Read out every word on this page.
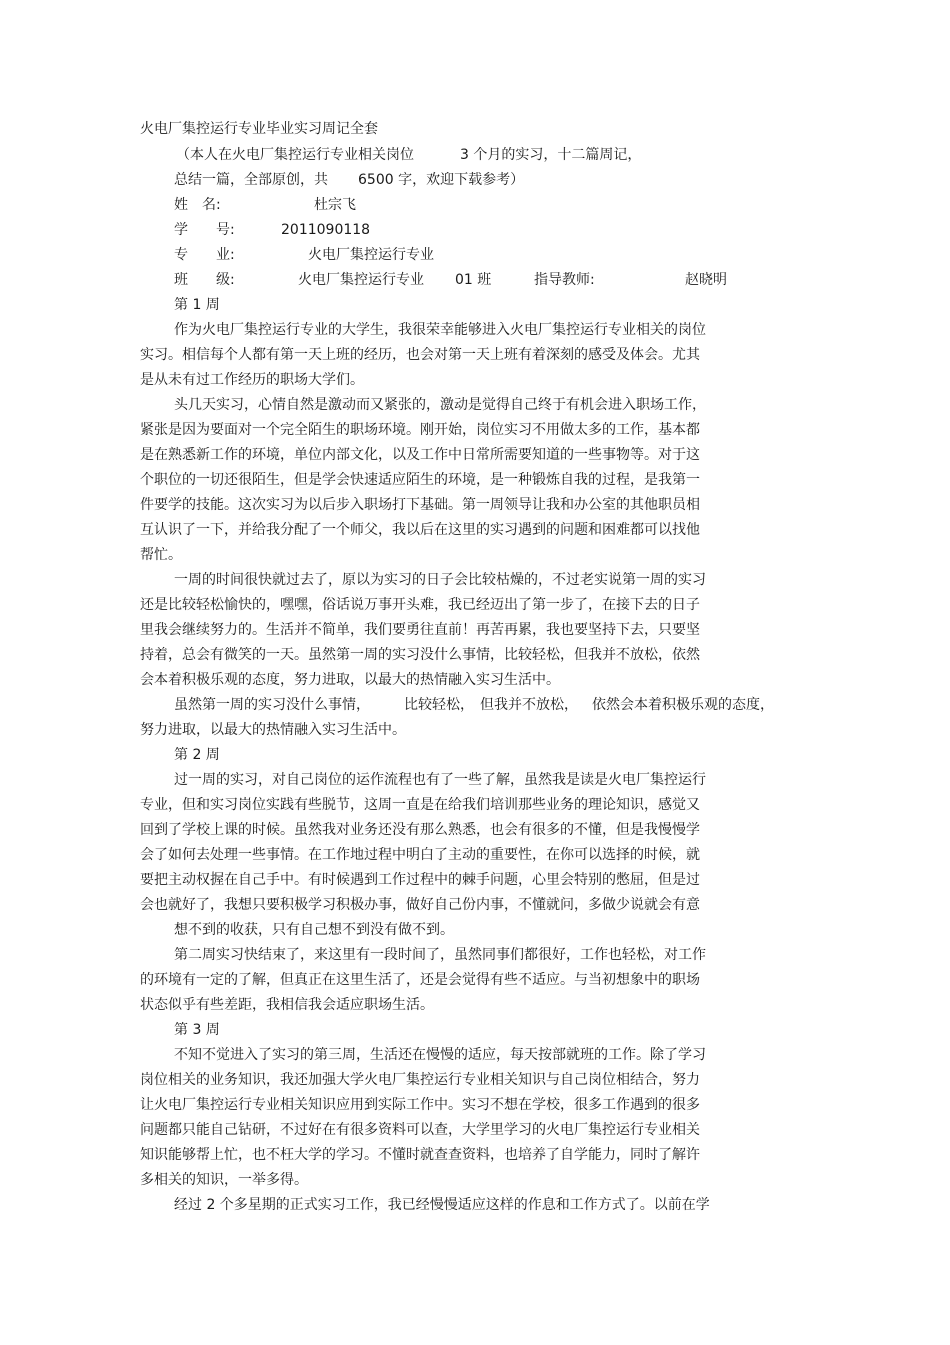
火电厂集控运行专业毕业实习周记全套
（本人在火电厂集控运行专业相关岗位	3 个月的实习，十二篇周记，
总结一篇，全部原创，共 6500 字，欢迎下载参考）
姓　名:	杜宗飞
学　　号:	2011090118
专　　业:	火电厂集控运行专业
班　　级:	火电厂集控运行专业 01 班	指导教师:	赵晓明
第 1 周
作为火电厂集控运行专业的大学生，我很荣幸能够进入火电厂集控运行专业相关的岗位
实习。相信每个人都有第一天上班的经历，也会对第一天上班有着深刻的感受及体会。尤其
是从未有过工作经历的职场大学们。
头几天实习，心情自然是激动而又紧张的，激动是觉得自己终于有机会进入职场工作，
紧张是因为要面对一个完全陌生的职场环境。刚开始，岗位实习不用做太多的工作，基本都
是在熟悉新工作的环境，单位内部文化，以及工作中日常所需要知道的一些事物等。对于这
个职位的一切还很陌生，但是学会快速适应陌生的环境，是一种锻炼自我的过程，是我第一
件要学的技能。这次实习为以后步入职场打下基础。第一周领导让我和办公室的其他职员相
互认识了一下，并给我分配了一个师父，我以后在这里的实习遇到的问题和困难都可以找他
帮忙。
一周的时间很快就过去了，原以为实习的日子会比较枯燥的，不过老实说第一周的实习
还是比较轻松愉快的，嘿嘿，俗话说万事开头难，我已经迈出了第一步了，在接下去的日子
里我会继续努力的。生活并不简单，我们要勇往直前！再苦再累，我也要坚持下去，只要坚
持着，总会有微笑的一天。虽然第一周的实习没什么事情，比较轻松，但我并不放松，依然
会本着积极乐观的态度，努力进取，以最大的热情融入实习生活中。
虽然第一周的实习没什么事情， 比较轻松， 但我并不放松， 依然会本着积极乐观的态度，
努力进取，以最大的热情融入实习生活中。
第 2 周
过一周的实习，对自己岗位的运作流程也有了一些了解，虽然我是读是火电厂集控运行
专业，但和实习岗位实践有些脱节，这周一直是在给我们培训那些业务的理论知识，感觉又
回到了学校上课的时候。虽然我对业务还没有那么熟悉，也会有很多的不懂，但是我慢慢学
会了如何去处理一些事情。在工作地过程中明白了主动的重要性，在你可以选择的时候，就
要把主动权握在自己手中。有时候遇到工作过程中的棘手问题，心里会特别的憋屈，但是过
会也就好了，我想只要积极学习积极办事，做好自己份内事，不懂就问，多做少说就会有意
想不到的收获，只有自己想不到没有做不到。
第二周实习快结束了，来这里有一段时间了，虽然同事们都很好，工作也轻松，对工作
的环境有一定的了解，但真正在这里生活了，还是会觉得有些不适应。与当初想象中的职场
状态似乎有些差距，我相信我会适应职场生活。
第 3 周
不知不觉进入了实习的第三周，生活还在慢慢的适应，每天按部就班的工作。除了学习
岗位相关的业务知识，我还加强大学火电厂集控运行专业相关知识与自己岗位相结合，努力
让火电厂集控运行专业相关知识应用到实际工作中。实习不想在学校，很多工作遇到的很多
问题都只能自己钻研，不过好在有很多资料可以查，大学里学习的火电厂集控运行专业相关
知识能够帮上忙，也不枉大学的学习。不懂时就查查资料，也培养了自学能力，同时了解许
多相关的知识，一举多得。
经过 2 个多星期的正式实习工作，我已经慢慢适应这样的作息和工作方式了。以前在学
